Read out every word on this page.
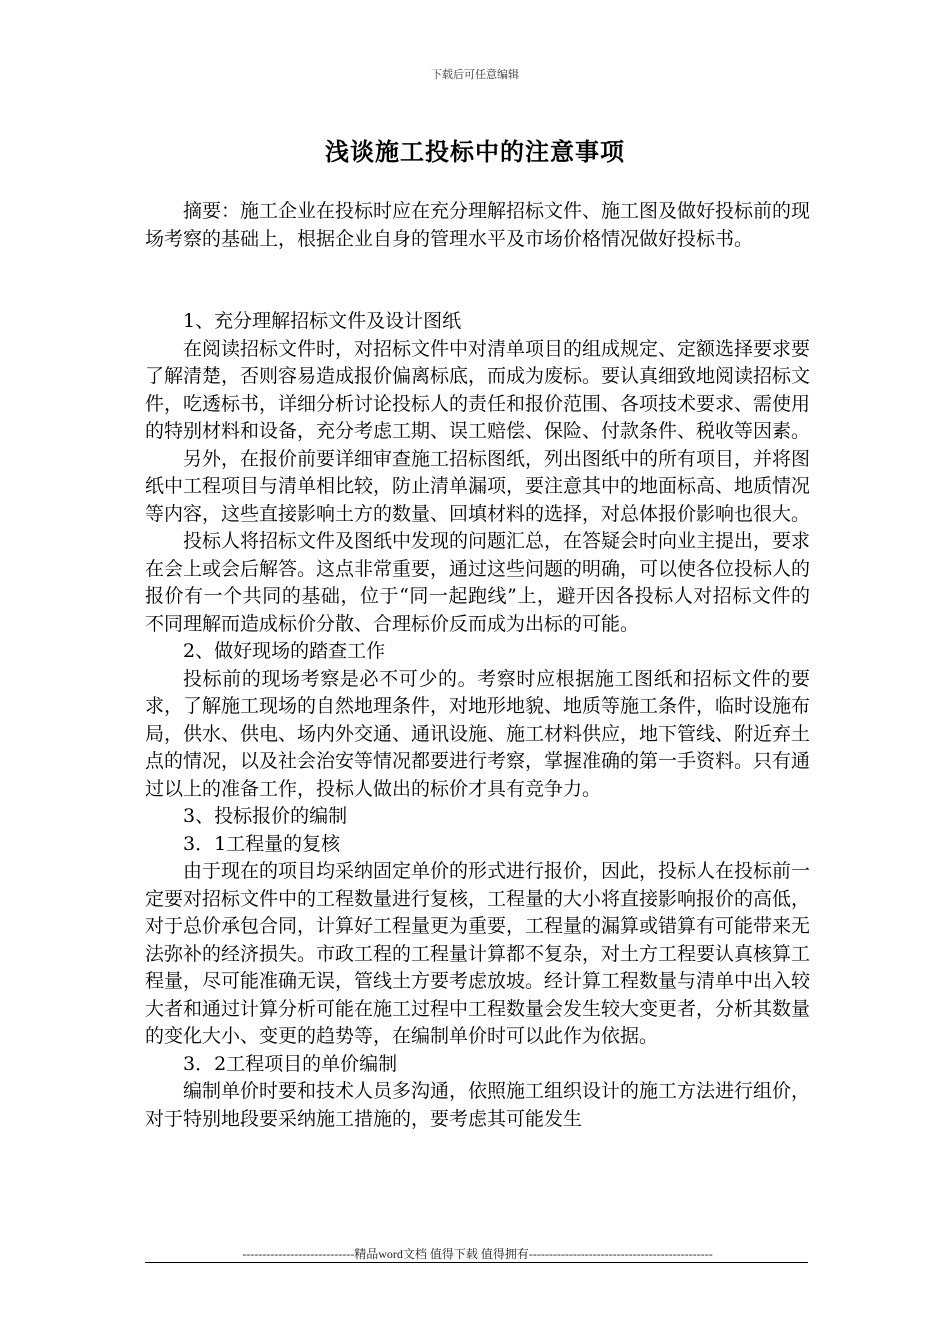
下载后可任意编辑
浅谈施工投标中的注意事项

摘要：施工企业在投标时应在充分理解招标文件、施工图及做好投标前的现场考察的基础上，根据企业自身的管理水平及市场价格情况做好投标书。

1、充分理解招标文件及设计图纸

在阅读招标文件时，对招标文件中对清单项目的组成规定、定额选择要求要了解清楚，否则容易造成报价偏离标底，而成为废标。要认真细致地阅读招标文件，吃透标书，详细分析讨论投标人的责任和报价范围、各项技术要求、需使用的特别材料和设备，充分考虑工期、误工赔偿、保险、付款条件、税收等因素。

另外，在报价前要详细审查施工招标图纸，列出图纸中的所有项目，并将图纸中工程项目与清单相比较，防止清单漏项，要注意其中的地面标高、地质情况等内容，这些直接影响土方的数量、回填材料的选择，对总体报价影响也很大。

投标人将招标文件及图纸中发现的问题汇总，在答疑会时向业主提出，要求在会上或会后解答。这点非常重要，通过这些问题的明确，可以使各位投标人的报价有一个共同的基础，位于“同一起跑线”上，避开因各投标人对招标文件的不同理解而造成标价分散、合理标价反而成为出标的可能。

2、做好现场的踏查工作

投标前的现场考察是必不可少的。考察时应根据施工图纸和招标文件的要求，了解施工现场的自然地理条件，对地形地貌、地质等施工条件，临时设施布局，供水、供电、场内外交通、通讯设施、施工材料供应，地下管线、附近弃土点的情况，以及社会治安等情况都要进行考察，掌握准确的第一手资料。只有通过以上的准备工作，投标人做出的标价才具有竞争力。

3、投标报价的编制

3．1工程量的复核

由于现在的项目均采纳固定单价的形式进行报价，因此，投标人在投标前一定要对招标文件中的工程数量进行复核，工程量的大小将直接影响报价的高低，对于总价承包合同，计算好工程量更为重要，工程量的漏算或错算有可能带来无法弥补的经济损失。市政工程的工程量计算都不复杂，对土方工程要认真核算工程量，尽可能准确无误，管线土方要考虑放坡。经计算工程数量与清单中出入较大者和通过计算分析可能在施工过程中工程数量会发生较大变更者，分析其数量的变化大小、变更的趋势等，在编制单价时可以此作为依据。

3．2工程项目的单价编制

编制单价时要和技术人员多沟通，依照施工组织设计的施工方法进行组价，对于特别地段要采纳施工措施的，要考虑其可能发生

----------------------------精品word文档 值得下载 值得拥有----------------------------------------------
